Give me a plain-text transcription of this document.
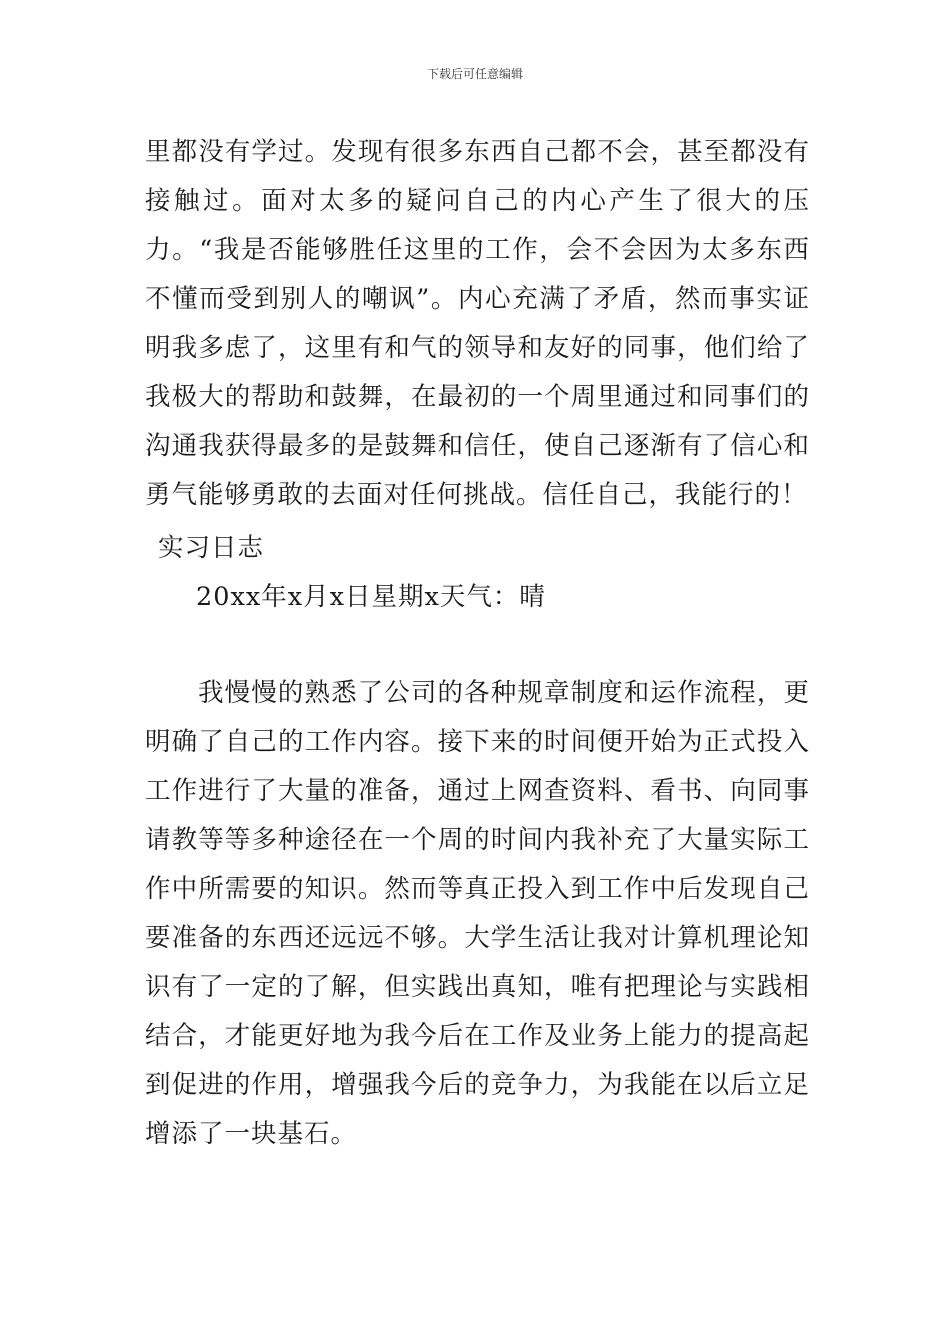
下载后可任意编辑

里都没有学过。发现有很多东西自己都不会，甚至都没有接触过。面对太多的疑问自己的内心产生了很大的压力。“我是否能够胜任这里的工作，会不会因为太多东西不懂而受到别人的嘲讽”。内心充满了矛盾，然而事实证明我多虑了，这里有和气的领导和友好的同事，他们给了我极大的帮助和鼓舞，在最初的一个周里通过和同事们的沟通我获得最多的是鼓舞和信任，使自己逐渐有了信心和勇气能够勇敢的去面对任何挑战。信任自己，我能行的！

实习日志

20xx年x月x日星期x天气：晴

我慢慢的熟悉了公司的各种规章制度和运作流程，更明确了自己的工作内容。接下来的时间便开始为正式投入工作进行了大量的准备，通过上网查资料、看书、向同事请教等等多种途径在一个周的时间内我补充了大量实际工作中所需要的知识。然而等真正投入到工作中后发现自己要准备的东西还远远不够。大学生活让我对计算机理论知识有了一定的了解，但实践出真知，唯有把理论与实践相结合，才能更好地为我今后在工作及业务上能力的提高起到促进的作用，增强我今后的竞争力，为我能在以后立足增添了一块基石。
